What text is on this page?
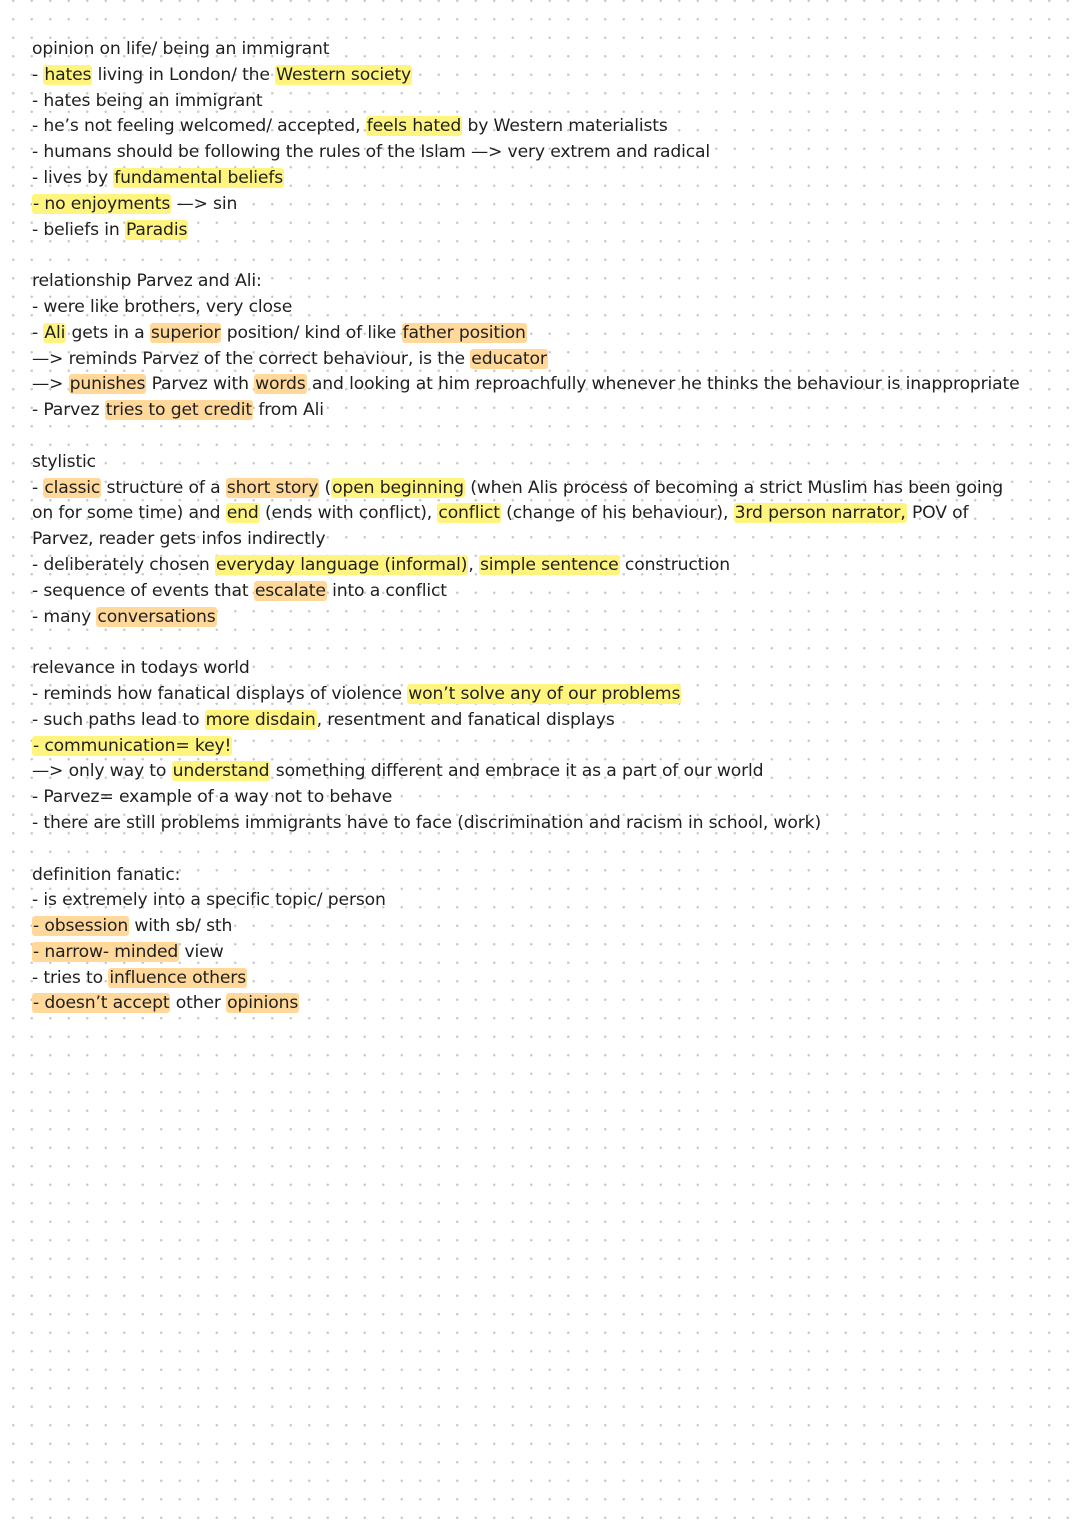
opinion on life/ being an immigrant
- hates living in London/ the Western society
- hates being an immigrant
- he’s not feeling welcomed/ accepted, feels hated by Western materialists
- humans should be following the rules of the Islam —> very extrem and radical
- lives by fundamental beliefs
- no enjoyments —> sin
- beliefs in Paradis
relationship Parvez and Ali:
- were like brothers, very close
- Ali gets in a superior position/ kind of like father position
—> reminds Parvez of the correct behaviour, is the educator
—> punishes Parvez with words and looking at him reproachfully whenever he thinks the behaviour is inappropriate
- Parvez tries to get credit from Ali
stylistic
- classic structure of a short story (open beginning (when Alis process of becoming a strict Muslim has been going on for some time) and end (ends with conflict), conflict (change of his behaviour), 3rd person narrator, POV of Parvez, reader gets infos indirectly
- deliberately chosen everyday language (informal), simple sentence construction
- sequence of events that escalate into a conflict
- many conversations
relevance in todays world
- reminds how fanatical displays of violence won’t solve any of our problems
- such paths lead to more disdain, resentment and fanatical displays
- communication= key!
—> only way to understand something different and embrace it as a part of our world
- Parvez= example of a way not to behave
- there are still problems immigrants have to face (discrimination and racism in school, work)
definition fanatic:
- is extremely into a specific topic/ person
- obsession with sb/ sth
- narrow- minded view
- tries to influence others
- doesn’t accept other opinions
